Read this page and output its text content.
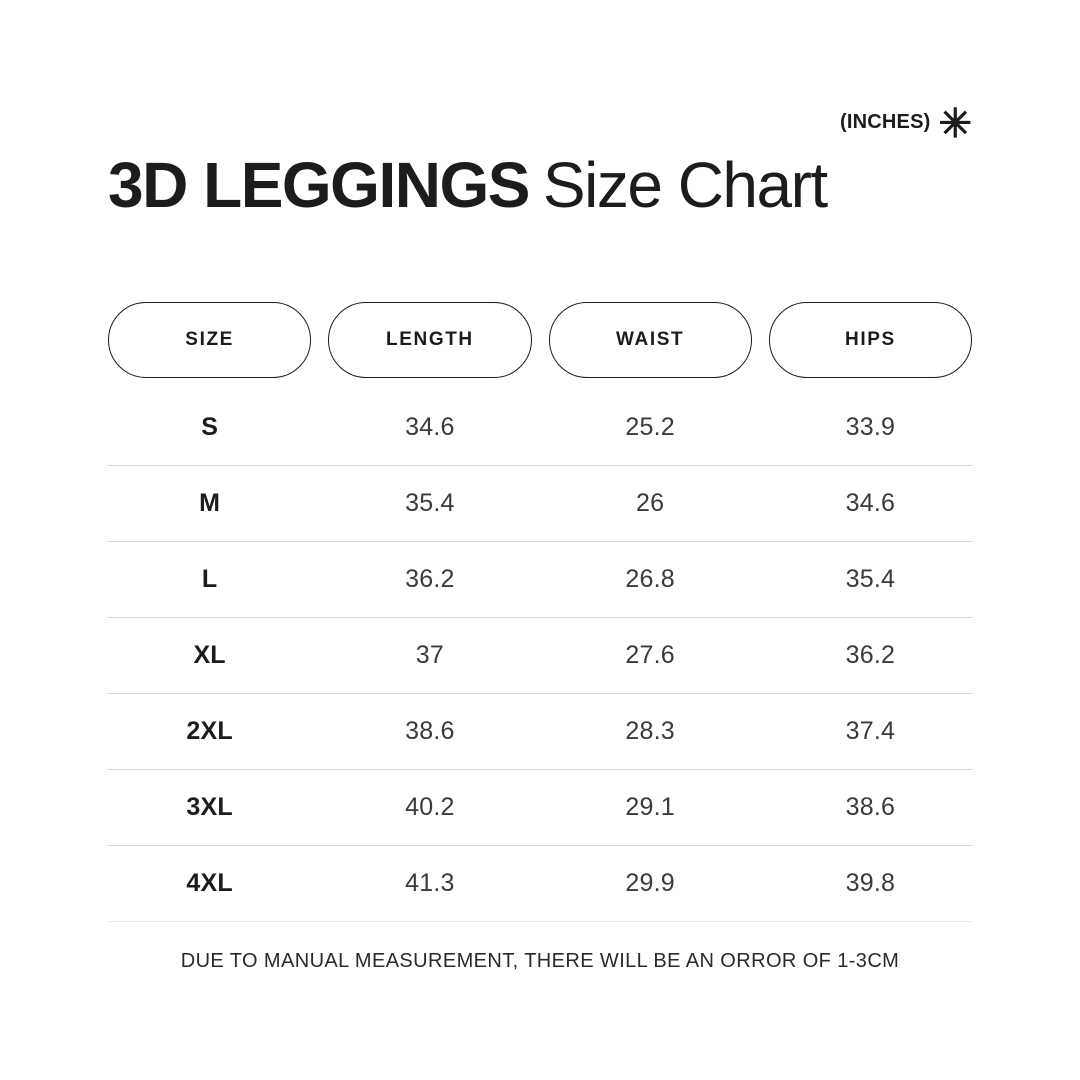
(INCHES) ✳
3D LEGGINGS Size Chart
SIZE	LENGTH	WAIST	HIPS
S	34.6	25.2	33.9
M	35.4	26	34.6
L	36.2	26.8	35.4
XL	37	27.6	36.2
2XL	38.6	28.3	37.4
3XL	40.2	29.1	38.6
4XL	41.3	29.9	39.8
DUE TO MANUAL MEASUREMENT, THERE WILL BE AN ORROR OF 1-3CM
